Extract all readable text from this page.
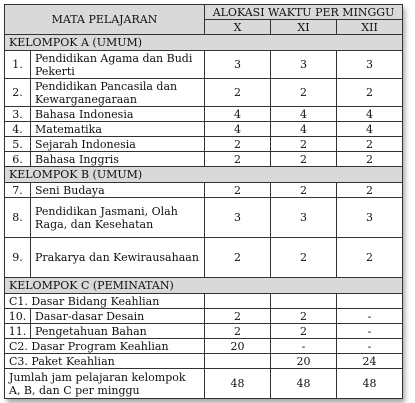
MATA PELAJARAN		ALOKASI WAKTU PER MINGGU		
		X	XI	XII
KELOMPOK A (UMUM)				
1.	Pendidikan Agama dan Budi Pekerti	3	3	3
2.	Pendidikan Pancasila dan Kewarganegaraan	2	2	2
3.	Bahasa Indonesia	4	4	4
4.	Matematika	4	4	4
5.	Sejarah Indonesia	2	2	2
6.	Bahasa Inggris	2	2	2
KELOMPOK B (UMUM)				
7.	Seni Budaya	2	2	2
8.	Pendidikan Jasmani, Olah Raga, dan Kesehatan	3	3	3
9.	Prakarya dan Kewirausahaan	2	2	2
KELOMPOK C (PEMINATAN)				
C1. Dasar Bidang Keahlian				
10.	Dasar-dasar Desain	2	2	-
11.	Pengetahuan Bahan	2	2	-
C2. Dasar Program Keahlian		20	-	-
C3. Paket Keahlian			20	24
Jumlah jam pelajaran kelompok A, B, dan C per minggu		48	48	48
